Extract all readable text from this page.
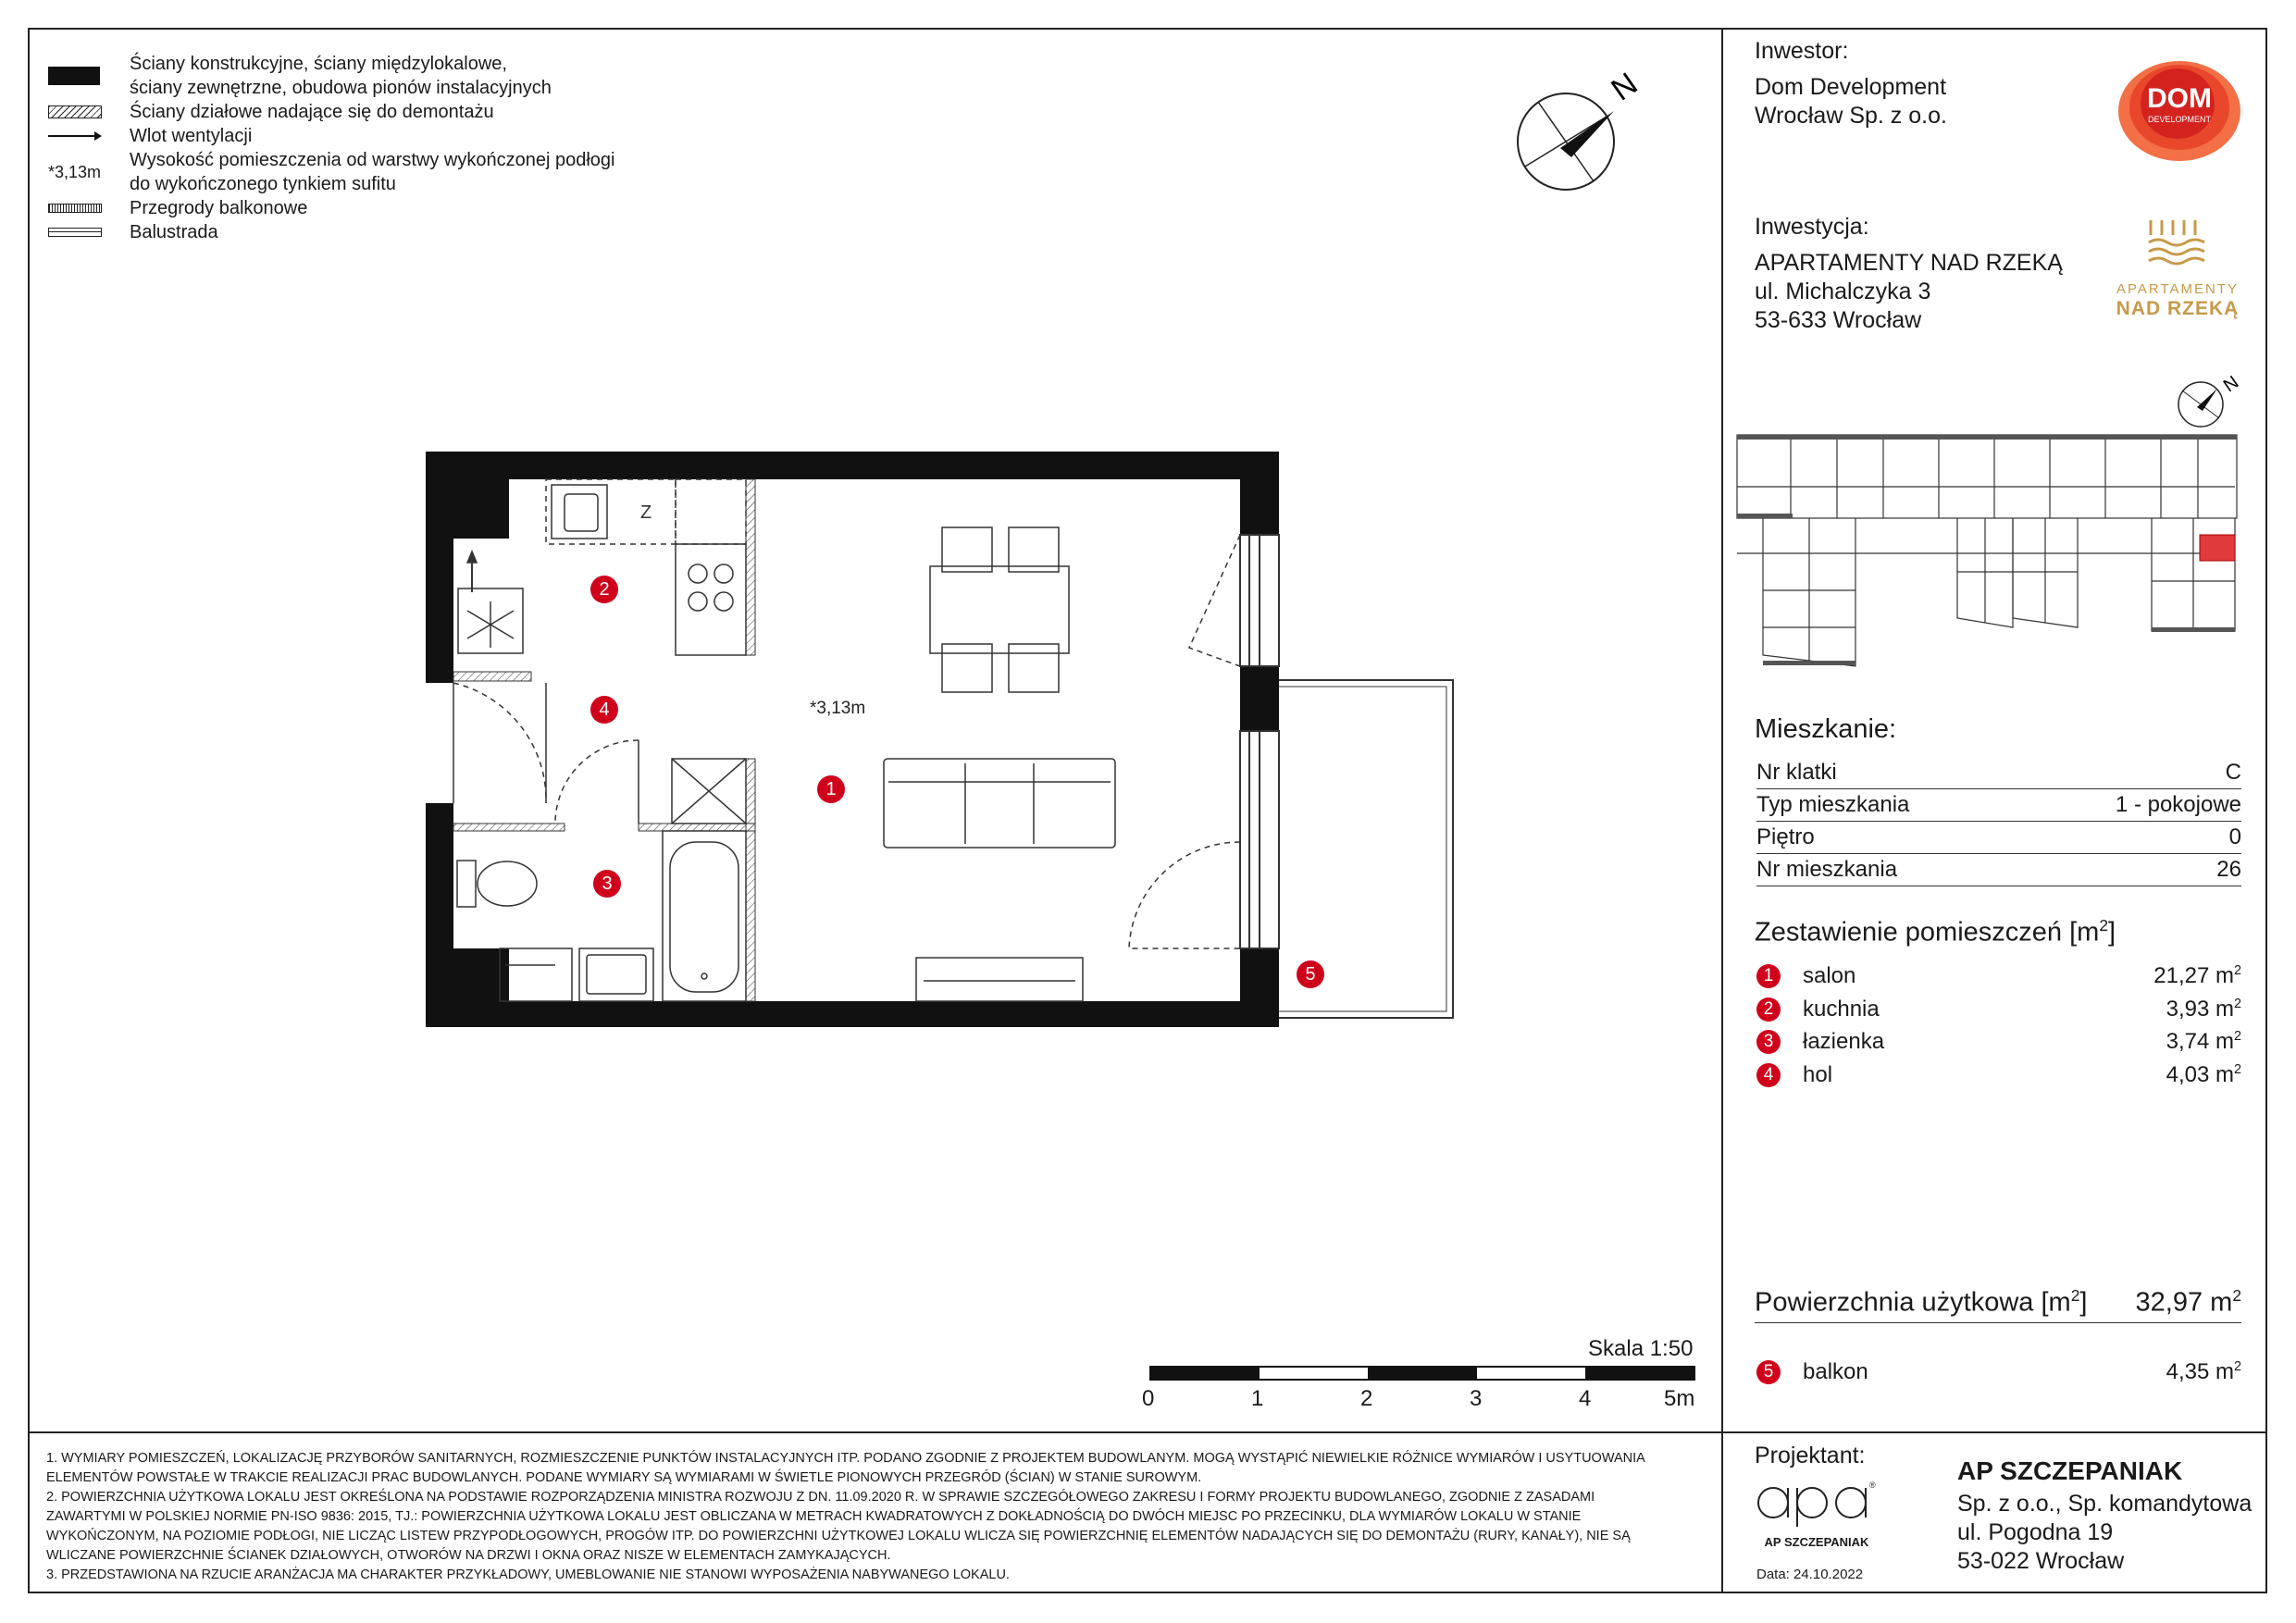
Ściany konstrukcyjne, ściany międzylokalowe,
ściany zewnętrzne, obudowa pionów instalacyjnych
Ściany działowe nadające się do demontażu
Wlot wentylacji
*3,13m
Wysokość pomieszczenia od warstwy wykończonej podłogi
do wykończonego tynkiem sufitu
Przegrody balkonowe
Balustrada
N
Z
*3,13m
1
2
3
4
5
Skala 1:50
0	1	2	3	4	5m
Inwestor:
Dom Development
Wrocław Sp. z o.o.
DOM
DEVELOPMENT
Inwestycja:
APARTAMENTY NAD RZEKĄ
ul. Michalczyka 3
53-633 Wrocław
APARTAMENTY
NAD RZEKĄ
N
Mieszkanie:
Nr klatki	C
Typ mieszkania	1 - pokojowe
Piętro	0
Nr mieszkania	26
Zestawienie pomieszczeń $[m^2]$
1	salon	21,27 $m^2$
2	kuchnia	3,93 $m^2$
3	łazienka	3,74 $m^2$
4	hol	4,03 $m^2$
Powierzchnia użytkowa $[m^2]$ 32,97 $m^2$
5	balkon	4,35 $m^2$
1. WYMIARY POMIESZCZEŃ, LOKALIZACJĘ PRZYBORÓW SANITARNYCH, ROZMIESZCZENIE PUNKTÓW INSTALACYJNYCH ITP. PODANO ZGODNIE Z PROJEKTEM BUDOWLANYM. MOGĄ WYSTĄPIĆ NIEWIELKIE RÓŻNICE WYMIARÓW I USYTUOWANIA
ELEMENTÓW POWSTAŁE W TRAKCIE REALIZACJI PRAC BUDOWLANYCH. PODANE WYMIARY SĄ WYMIARAMI W ŚWIETLE PIONOWYCH PRZEGRÓD (ŚCIAN) W STANIE SUROWYM.
2. POWIERZCHNIA UŻYTKOWA LOKALU JEST OKREŚLONA NA PODSTAWIE ROZPORZĄDZENIA MINISTRA ROZWOJU Z DN. 11.09.2020 R. W SPRAWIE SZCZEGÓŁOWEGO ZAKRESU I FORMY PROJEKTU BUDOWLANEGO, ZGODNIE Z ZASADAMI
ZAWARTYMI W POLSKIEJ NORMIE PN-ISO 9836: 2015, TJ.: POWIERZCHNIA UŻYTKOWA LOKALU JEST OBLICZANA W METRACH KWADRATOWYCH Z DOKŁADNOŚCIĄ DO DWÓCH MIEJSC PO PRZECINKU, DLA WYMIARÓW LOKALU W STANIE
WYKOŃCZONYM, NA POZIOMIE PODŁOGI, NIE LICZĄC LISTEW PRZYPODŁOGOWYCH, PROGÓW ITP. DO POWIERZCHNI UŻYTKOWEJ LOKALU WLICZA SIĘ POWIERZCHNIĘ ELEMENTÓW NADAJĄCYCH SIĘ DO DEMONTAŻU (RURY, KANAŁY), NIE SĄ
WLICZANE POWIERZCHNIE ŚCIANEK DZIAŁOWYCH, OTWORÓW NA DRZWI I OKNA ORAZ NISZE W ELEMENTACH ZAMYKAJĄCYCH.
3. PRZEDSTAWIONA NA RZUCIE ARANŻACJA MA CHARAKTER PRZYKŁADOWY, UMEBLOWANIE NIE STANOWI WYPOSAŻENIA NABYWANEGO LOKALU.
Projektant:
®
AP SZCZEPANIAK
Data: 24.10.2022
AP SZCZEPANIAK
Sp. z o.o., Sp. komandytowa
ul. Pogodna 19
53-022 Wrocław
